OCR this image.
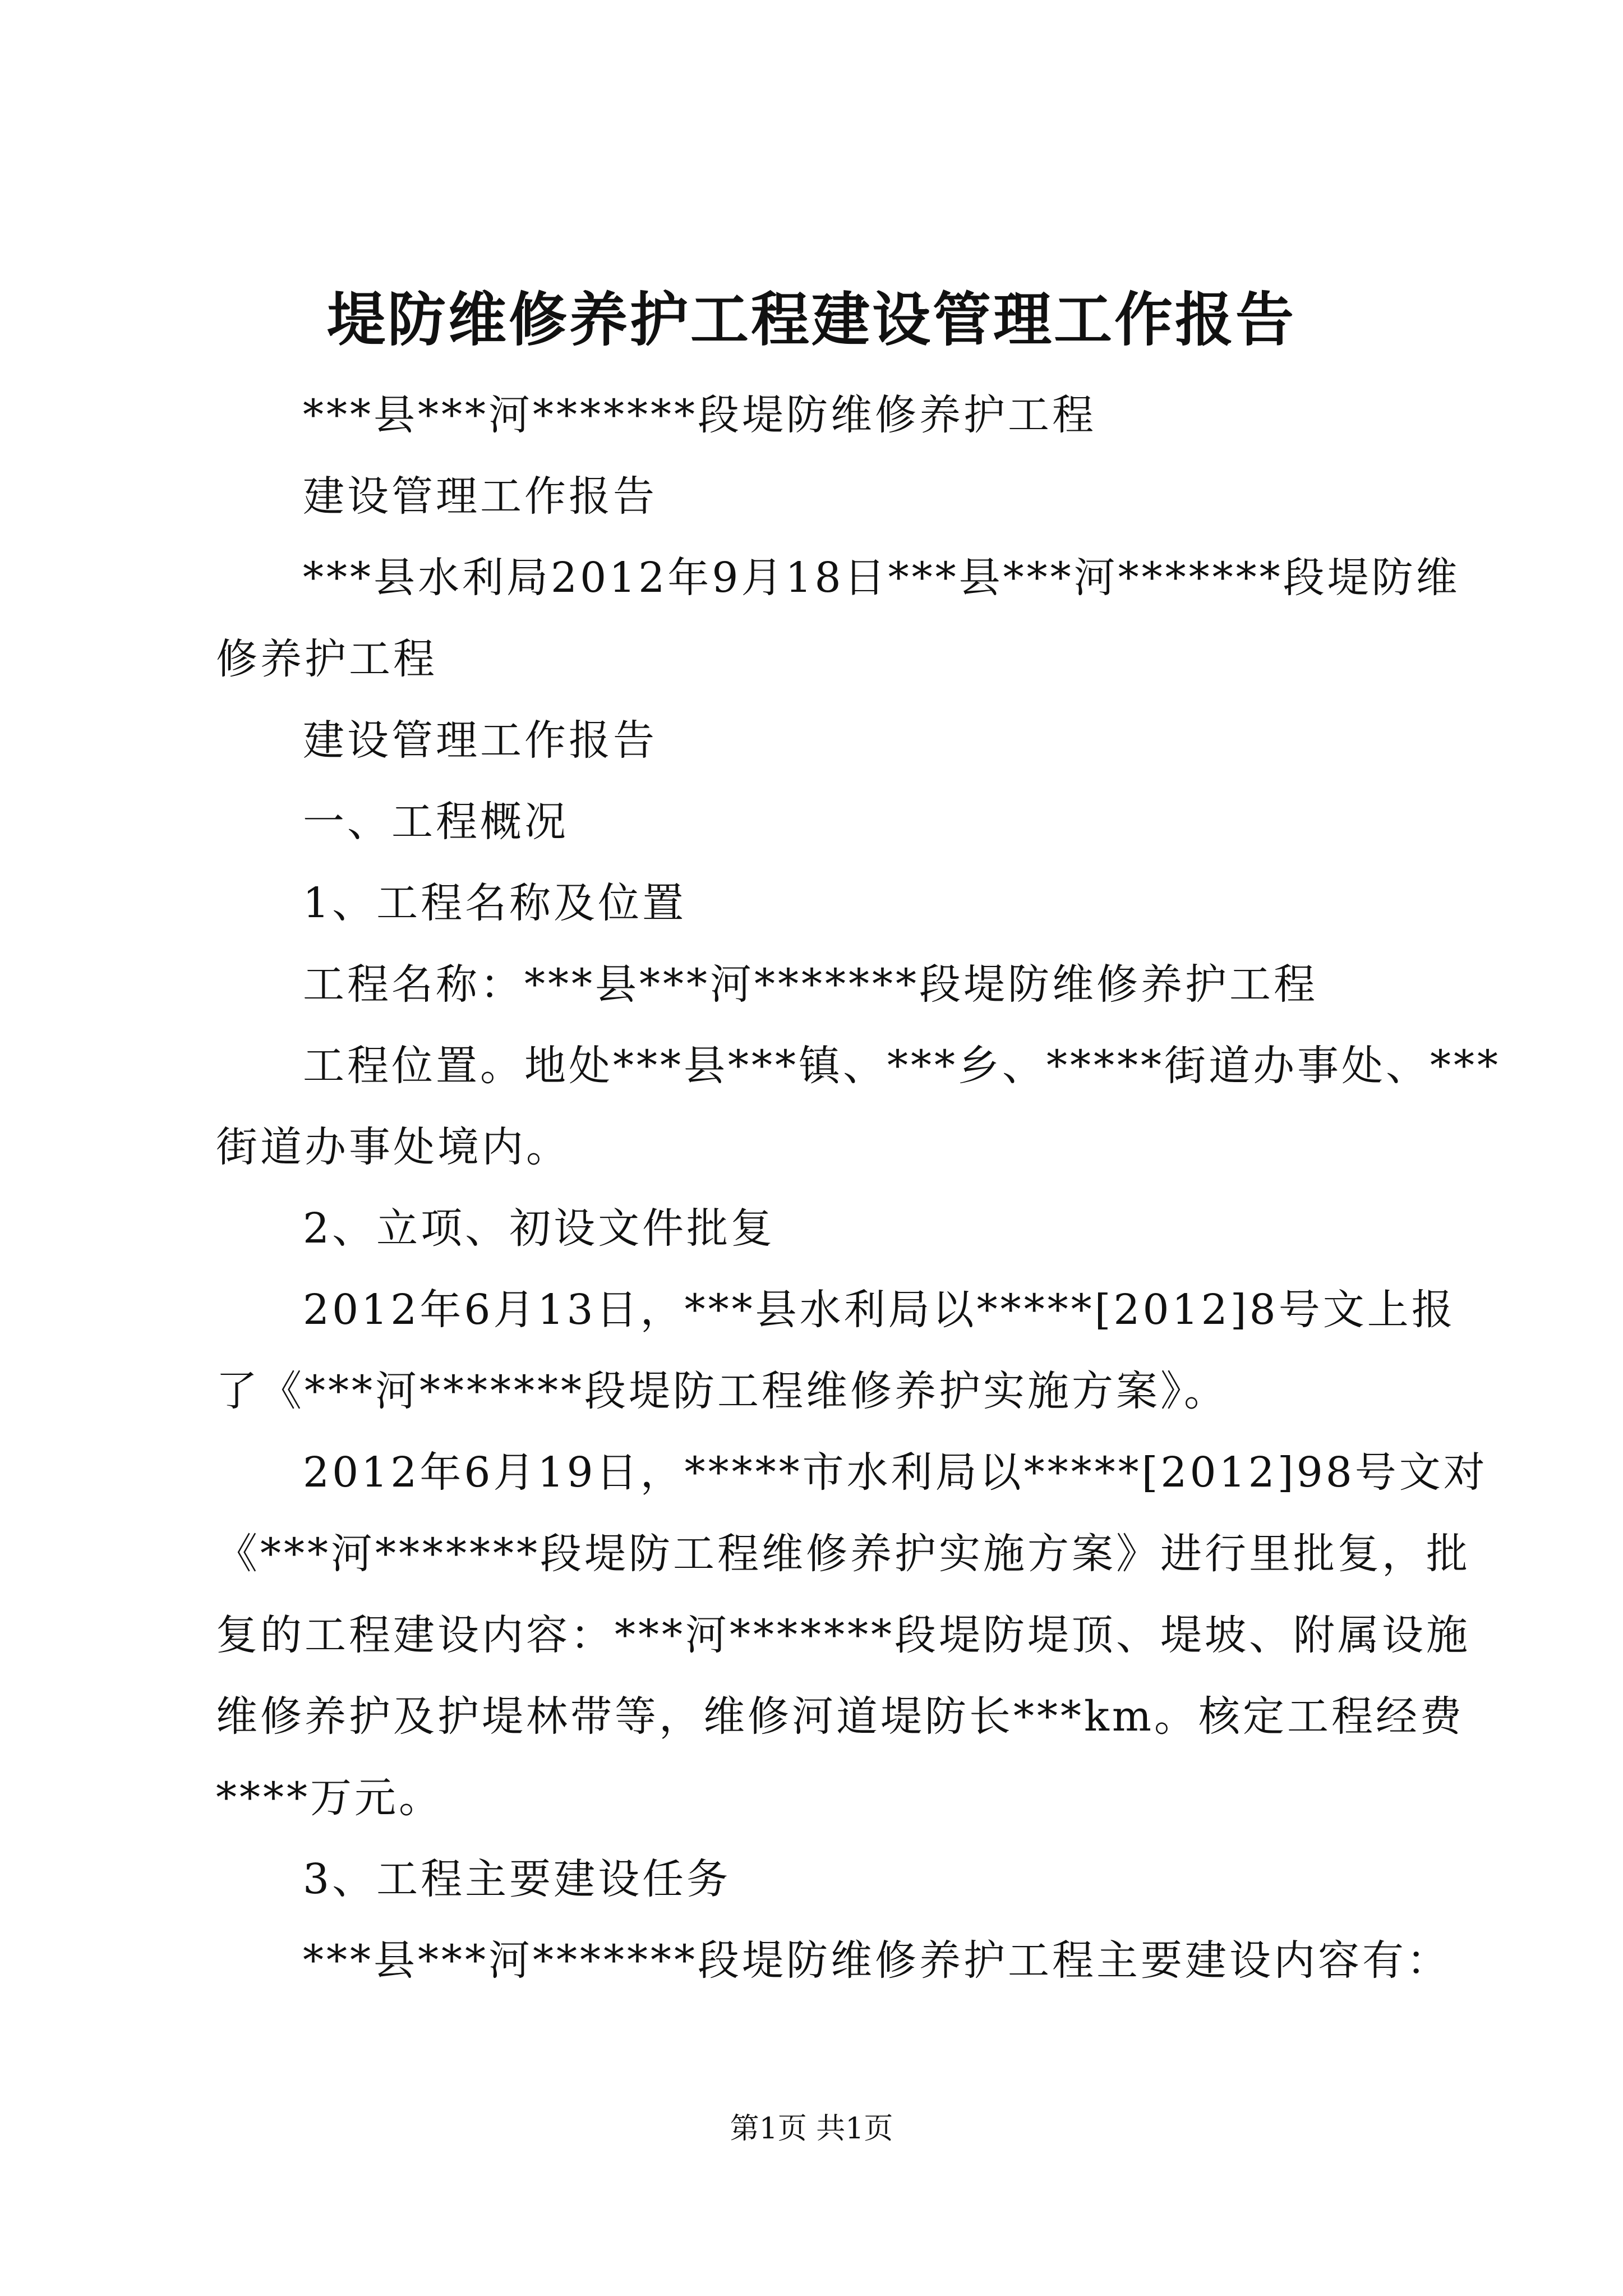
堤防维修养护工程建设管理工作报告
***县***河*******段堤防维修养护工程
建设管理工作报告
***县水利局2012年9月18日***县***河*******段堤防维
修养护工程
建设管理工作报告
一、工程概况
1、工程名称及位置
工程名称：***县***河*******段堤防维修养护工程
工程位置。地处***县***镇、***乡、*****街道办事处、***
街道办事处境内。
2、立项、初设文件批复
2012年6月13日，***县水利局以*****[2012]8号文上报
了《***河*******段堤防工程维修养护实施方案》。
2012年6月19日，*****市水利局以*****[2012]98号文对
《***河*******段堤防工程维修养护实施方案》进行里批复，批
复的工程建设内容：***河*******段堤防堤顶、堤坡、附属设施
维修养护及护堤林带等，维修河道堤防长***km。核定工程经费
****万元。
3、工程主要建设任务
***县***河*******段堤防维修养护工程主要建设内容有：
第1页 共1页
